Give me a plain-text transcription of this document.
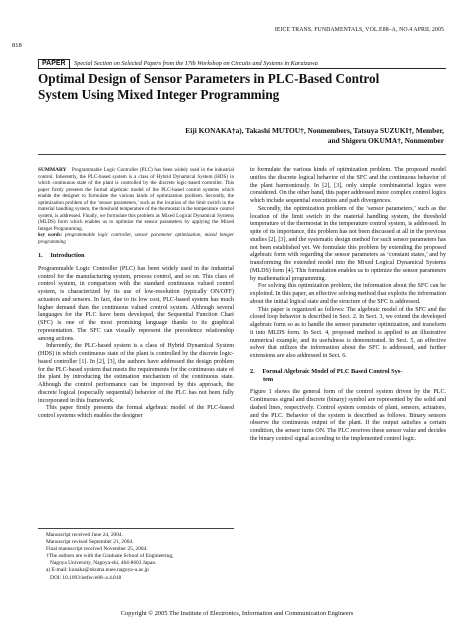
818
IEICE TRANS. FUNDAMENTALS, VOL.E88–A, NO.4 APRIL 2005
PAPER Special Section on Selected Papers from the 17th Workshop on Circuits and Systems in Karuizawa
Optimal Design of Sensor Parameters in PLC-Based Control
System Using Mixed Integer Programming
Eiji KONAKA†a), Takashi MUTOU†, Nonmembers, Tatsuya SUZUKI†, Member,
and Shigeru OKUMA†, Nonmember

SUMMARY Programmable Logic Controller (PLC) has been widely used in the industrial control. Inherently, the PLC-based system is a class of Hybrid Dynamical System (HDS) in which continuous state of the plant is controlled by the discrete logic-based controller. This paper firstly presents the formal algebraic model of the PLC-based control systems which enable the designer to formulate the various kinds of optimization problem. Secondly, the optimization problem of the ‘sensor parameters,’ such as the location of the limit switch in the material handling system, the threshold temperature of the thermostat in the temperature control system, is addressed. Finally, we formulate this problem as Mixed Logical Dynamical Systems (MLDS) form which enables us to optimize the sensor parameters by applying the Mixed Integer Programming.

key words: programmable logic controller, sensor parameter optimization, mixed integer programming

1. Introduction

Programmable Logic Controller (PLC) has been widely used in the industrial control for the manufacturing system, process control, and so on. This class of control system, in comparison with the standard continuous valued control system, is characterized by its use of low-resolution (typically ON/OFF) actuators and sensors. In fact, due to its low cost, PLC-based system has much higher demand than the continuous valued control system. Although several languages for the PLC have been developed, the Sequential Function Chart (SFC) is one of the most promising language thanks to its graphical representation. The SFC can visually represent the precedence relationship among actions.

Inherently, the PLC-based system is a class of Hybrid Dynamical System (HDS) in which continuous state of the plant is controlled by the discrete logic-based controller [1]. In [2], [3], the authors have addressed the design problem for the PLC-based system that meets the requirements for the continuous state of the plant by introducing the estimation mechanism of the continuous state. Although the control performance can be improved by this approach, the discrete logical (especially sequential) behavior of the PLC has not been fully incorporated in this framework.

This paper firstly presents the formal algebraic model of the PLC-based control systems which enables the designer

Manuscript received June 24, 2004.
Manuscript revised September 21, 2004.
Final manuscript received November 25, 2004.
†The authors are with the Graduate School of Engineering,
Nagoya University, Nagoya-shi, 464-8603 Japan.
a) E-mail: konaka@okuma.nuee.nagoya-u.ac.jp
DOI: 10.1093/ietfec/e88–a.4.818

to formulate the various kinds of optimization problem. The proposed model unifies the discrete logical behavior of the SFC and the continuous behavior of the plant harmoniously. In [2], [3], only simple combinatorial logics were considered. On the other hand, this paper addressed more complex control logics which include sequential executions and path divergences.

Secondly, the optimization problem of the ‘sensor parameters,’ such as the location of the limit switch in the material handling system, the threshold temperature of the thermostat in the temperature control system, is addressed. In spite of its importance, this problem has not been discussed at all in the previous studies [2], [3], and the systematic design method for such sensor parameters has not been established yet. We formulate this problem by extending the proposed algebraic form with regarding the sensor parameters as ‘constant states,’ and by transforming the extended model into the Mixed Logical Dynamical Systems (MLDS) form [4]. This formulation enables us to optimize the sensor parameters by mathematical programming.

For solving this optimization problem, the information about the SFC can be exploited. In this paper, an effective solving method that exploits the information about the initial logical state and the structure of the SFC is addressed.

This paper is organized as follows: The algebraic model of the SFC and the closed loop behavior is described in Sect. 2. In Sect. 3, we extend the developed algebraic form so as to handle the sensor parameter optimization, and transform it into MLDS form. In Sect. 4, proposed method is applied to an illustrative numerical example, and its usefulness is demonstrated. In Sect. 5, an effective solver that utilizes the information about the SFC is addressed, and further extensions are also addressed in Sect. 6.

2. Formal Algebraic Model of PLC Based Control Sys-
tem

Figure 1 shows the general form of the control system driven by the PLC. Continuous signal and discrete (binary) symbol are represented by the solid and dashed lines, respectively. Control system consists of plant, sensors, actuators, and the PLC. Behavior of the system is described as follows. Binary sensors observe the continuous output of the plant. If the output satisfies a certain condition, the sensor turns ON. The PLC receives these sensor value and decides the binary control signal according to the implemented control logic.

Copyright © 2005 The Institute of Electronics, Information and Communication Engineers
